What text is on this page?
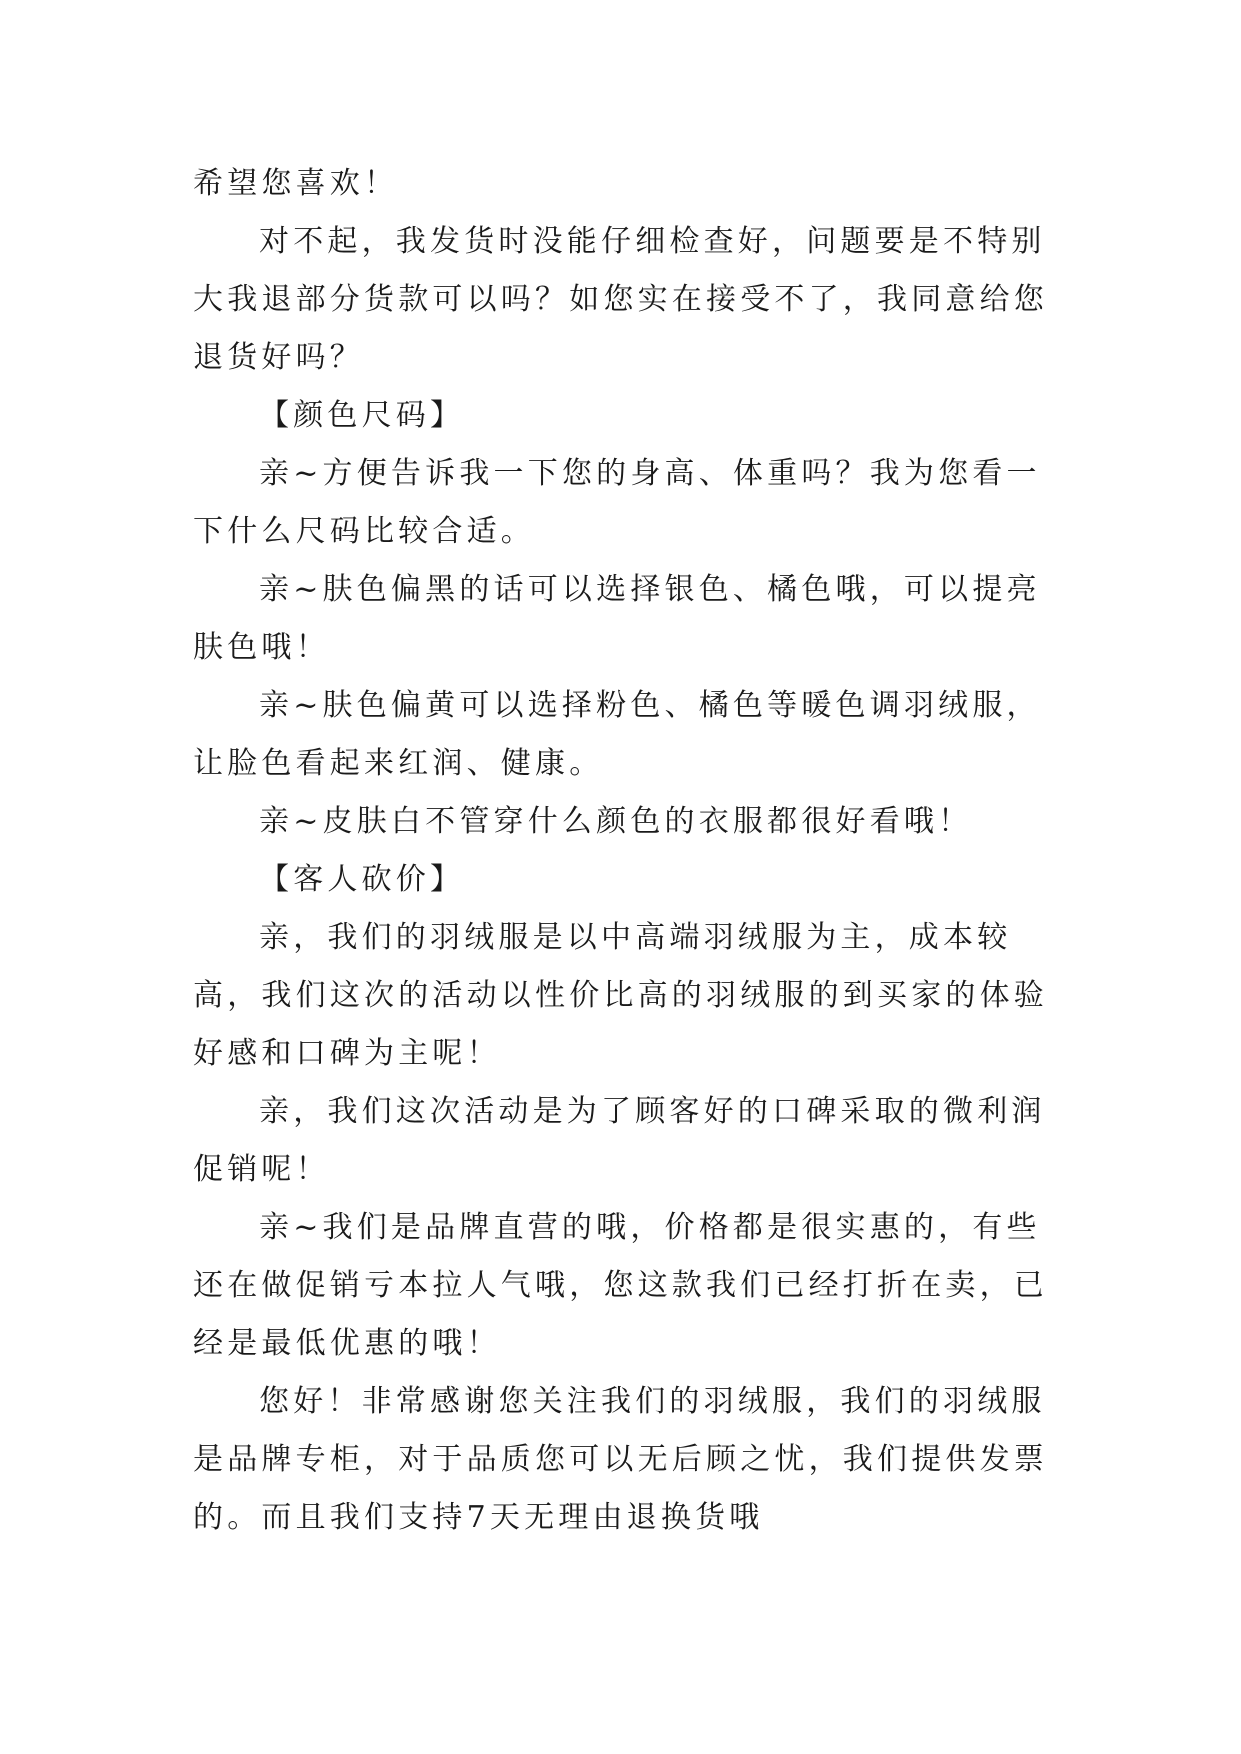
希望您喜欢！

对不起，我发货时没能仔细检查好，问题要是不特别大我退部分货款可以吗？如您实在接受不了，我同意给您退货好吗？

【颜色尺码】

亲~方便告诉我一下您的身高、体重吗？我为您看一下什么尺码比较合适。

亲~肤色偏黑的话可以选择银色、橘色哦，可以提亮肤色哦！

亲~肤色偏黄可以选择粉色、橘色等暖色调羽绒服，让脸色看起来红润、健康。

亲~皮肤白不管穿什么颜色的衣服都很好看哦！

【客人砍价】

亲，我们的羽绒服是以中高端羽绒服为主，成本较高，我们这次的活动以性价比高的羽绒服的到买家的体验好感和口碑为主呢！

亲，我们这次活动是为了顾客好的口碑采取的微利润促销呢！

亲~我们是品牌直营的哦，价格都是很实惠的，有些还在做促销亏本拉人气哦，您这款我们已经打折在卖，已经是最低优惠的哦！

您好！非常感谢您关注我们的羽绒服，我们的羽绒服是品牌专柜，对于品质您可以无后顾之忧，我们提供发票的。而且我们支持7天无理由退换货哦
